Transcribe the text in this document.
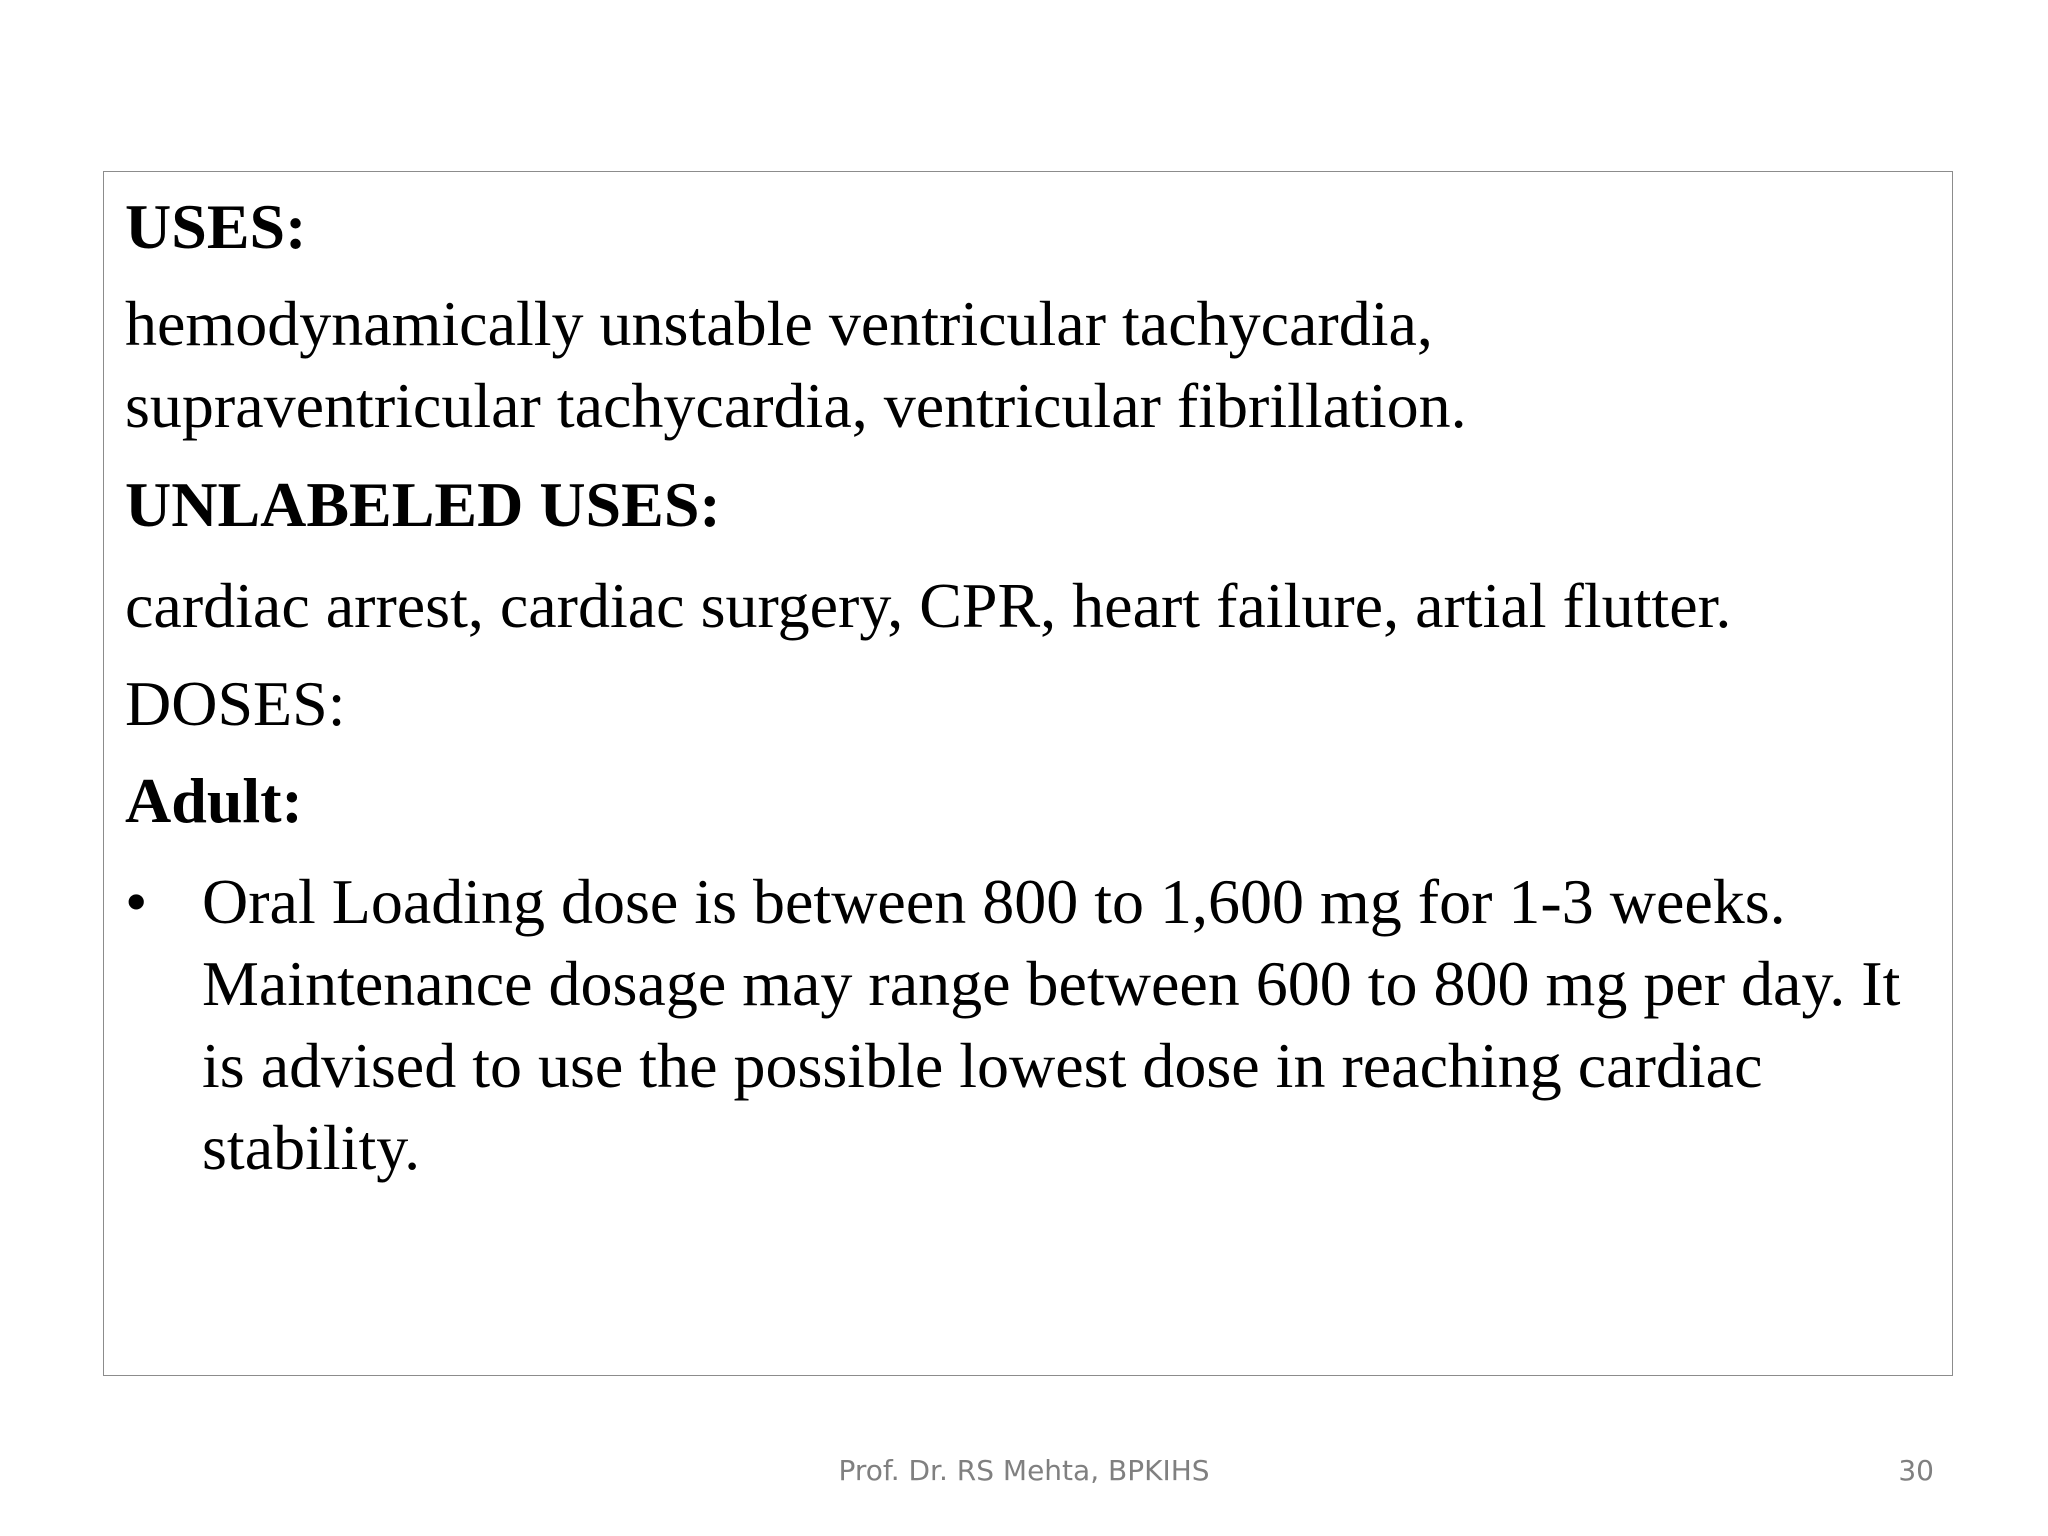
USES:

hemodynamically unstable ventricular tachycardia, supraventricular tachycardia, ventricular fibrillation.

UNLABELED USES:

cardiac arrest, cardiac surgery, CPR, heart failure, artial flutter.

DOSES:

Adult:

• Oral Loading dose is between 800 to 1,600 mg for 1-3 weeks. Maintenance dosage may range between 600 to 800 mg per day. It is advised to use the possible lowest dose in reaching cardiac stability.
Prof. Dr. RS Mehta, BPKIHS	30
